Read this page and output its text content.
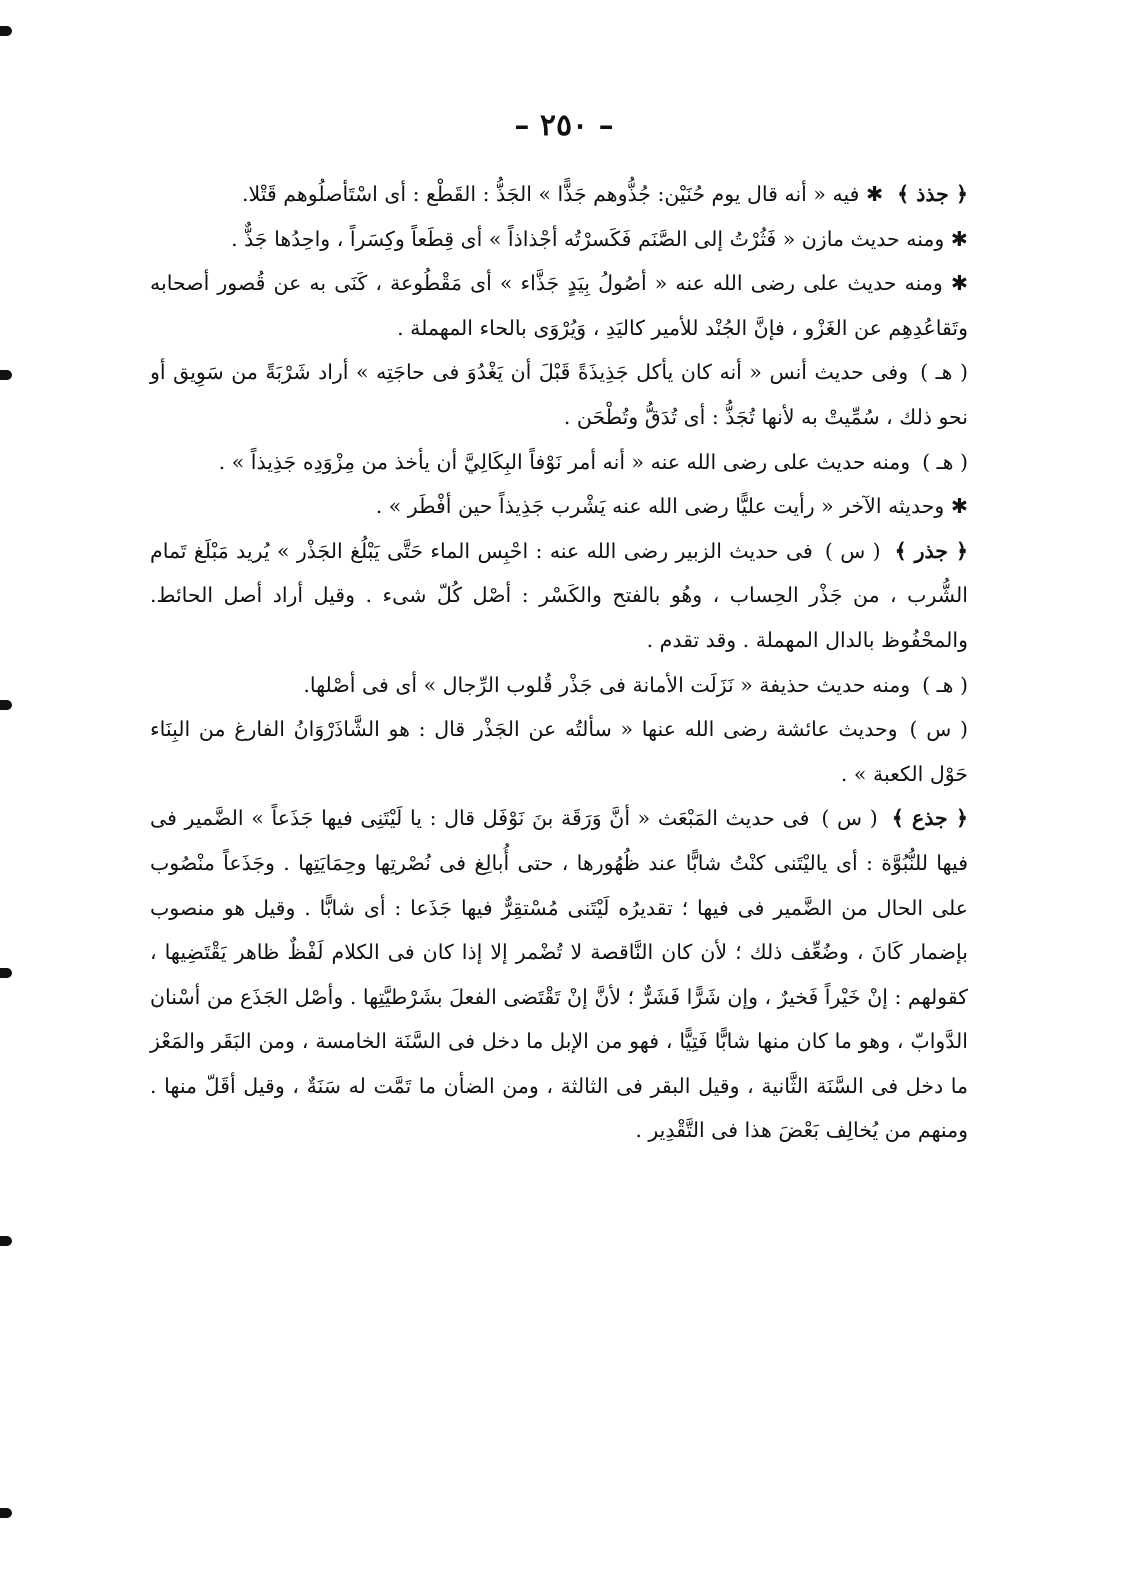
– ٢٥٠ –

﴿ جذذ ﴾✱ فيه « أنه قال يوم حُنَيْن: جُذُّوهم جَذًّا » الجَذُّ : القَطْع : أى اسْتَأصلُوهم قَتْلا.

✱ ومنه حديث مازن « فَثُرْتُ إلى الصَّنَم فَكَسرْتُه أجْذاذاً » أى قِطَعاً وكِسَراً ، واحِدُها جَذٌّ .

✱ ومنه حديث على رضى الله عنه « أصُولُ بِيَدٍ جَذَّاء » أى مَقْطُوعة ، كَنَى به عن قُصور أصحابه وتَقاعُدِهِم عن الغَزْو ، فإنَّ الجُنْد للأمير كاليَدِ ، وَيُرْوَى بالحاء المهملة .

( هـ )وفى حديث أنس « أنه كان يأكل جَذِيذَةً قَبْلَ أن يَغْدُوَ فى حاجَتِه » أراد شَرْبَةً من سَوِيق أو نحو ذلك ، سُمِّيتْ به لأنها تُجَذُّ : أى تُدَقُّ وتُطْحَن .

( هـ )ومنه حديث على رضى الله عنه « أنه أمر نَوْفاً البِكَالِيَّ أن يأخذ من مِزْوَدِه جَذِيذاً » .

✱ وحديثه الآخر « رأيت عليًّا رضى الله عنه يَشْرب جَذِيذاً حين أفْطَر » .

﴿ جذر ﴾( س )فى حديث الزبير رضى الله عنه : احْبِس الماء حَتَّى يَبْلُغ الجَذْر » يُريد مَبْلَغ تَمام الشُّرب ، من جَذْر الحِساب ، وهُو بالفتح والكَسْر : أصْل كُلّ شىء . وقيل أراد أصل الحائط. والمحْفُوظ بالدال المهملة . وقد تقدم .

( هـ )ومنه حديث حذيفة « نَزَلَت الأمانة فى جَذْر قُلوب الرِّجال » أى فى أصْلها.

( س )وحديث عائشة رضى الله عنها « سألتُه عن الجَذْر قال : هو الشَّاذَرْوَانُ الفارغ من البِنَاء حَوْل الكعبة » .

﴿ جذع ﴾( س )فى حديث المَبْعَث « أنَّ وَرَقَة بنَ نَوْفَل قال : يا لَيْتَنِى فيها جَذَعاً » الضَّمير فى فيها للنُّبُوَّة : أى ياليْتَنى كنْتُ شابًّا عند ظُهُورها ، حتى أُبالِغ فى نُصْرتِها وحِمَايَتِها . وجَذَعاً منْصُوب على الحال من الضَّمير فى فيها ؛ تقديرُه لَيْتَنى مُسْتقِرٌّ فيها جَذَعا : أى شابًّا . وقيل هو منصوب بإضمار كَانَ ، وضُعِّف ذلك ؛ لأن كان النَّاقصة لا تُضْمر إلا إذا كان فى الكلام لَفْظٌ ظاهر يَقْتَضِيها ، كقولهم : إنْ خَيْراً فَخيرٌ ، وإن شَرًّا فَشَرٌّ ؛ لأنَّ إنْ تَقْتَضى الفعلَ بشَرْطيَّتِها . وأصْل الجَذَع من أسْنان الدَّوابّ ، وهو ما كان منها شابًّا فَتِيًّا ، فهو من الإبل ما دخل فى السَّنَة الخامسة ، ومن البَقَر والمَعْز ما دخل فى السَّنَة الثَّانية ، وقيل البقر فى الثالثة ، ومن الضأن ما تَمَّت له سَنَةٌ ، وقيل أقَلّ منها . ومنهم من يُخالِف بَعْضَ هذا فى التَّقْدِير .
